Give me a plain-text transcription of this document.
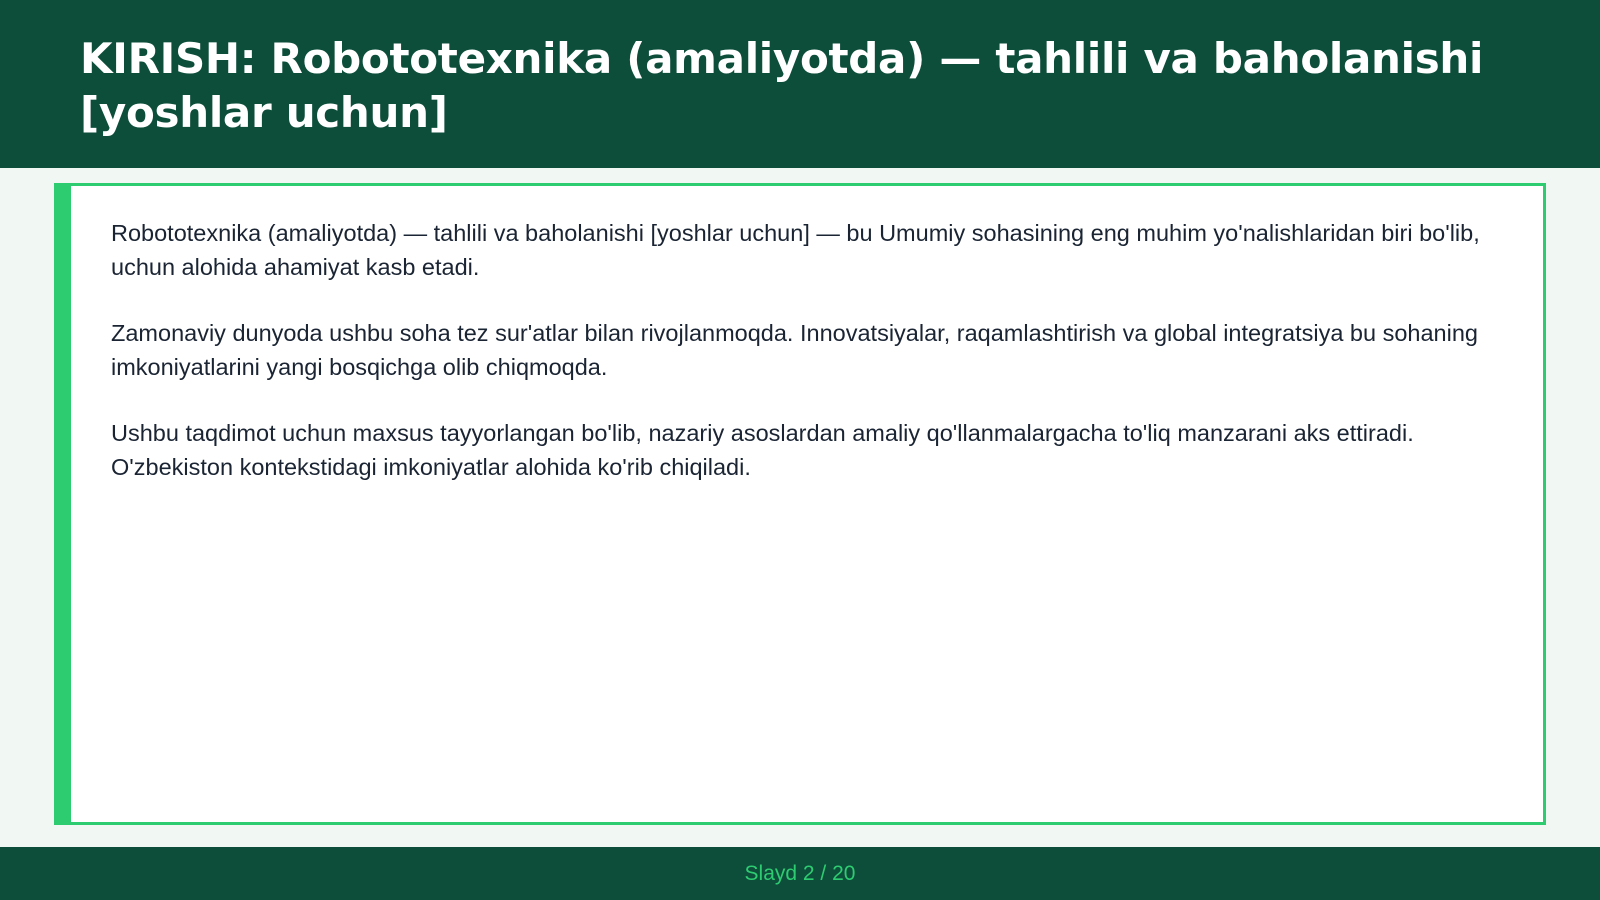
KIRISH: Robototexnika (amaliyotda) — tahlili va baholanishi [yoshlar uchun]

Robototexnika (amaliyotda) — tahlili va baholanishi [yoshlar uchun] — bu Umumiy sohasining eng muhim yo'nalishlaridan biri bo'lib, uchun alohida ahamiyat kasb etadi.

Zamonaviy dunyoda ushbu soha tez sur'atlar bilan rivojlanmoqda. Innovatsiyalar, raqamlashtirish va global integratsiya bu sohaning imkoniyatlarini yangi bosqichga olib chiqmoqda.

Ushbu taqdimot uchun maxsus tayyorlangan bo'lib, nazariy asoslardan amaliy qo'llanmalargacha to'liq manzarani aks ettiradi. O'zbekiston kontekstidagi imkoniyatlar alohida ko'rib chiqiladi.

Slayd 2 / 20
